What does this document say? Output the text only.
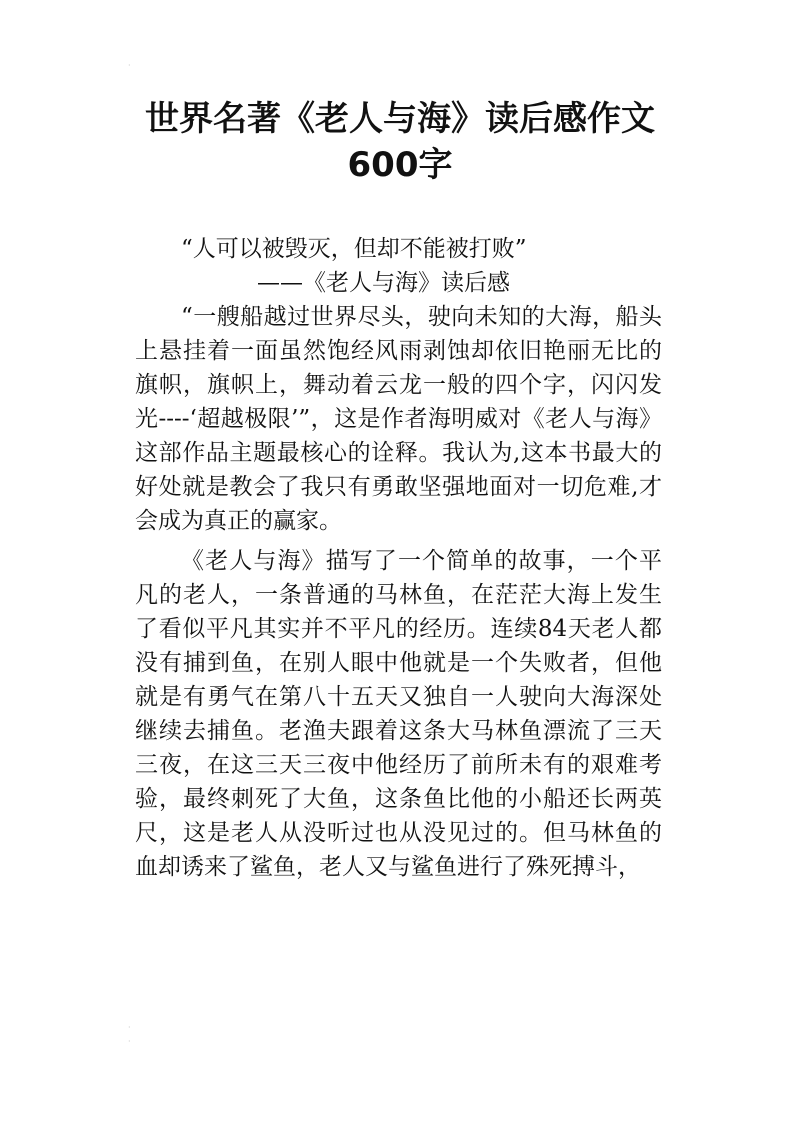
·
·
·
世界名著《老人与海》读后感作文600字

“人可以被毁灭，但却不能被打败”

——《老人与海》读后感

“一艘船越过世界尽头，驶向未知的大海，船头上悬挂着一面虽然饱经风雨剥蚀却依旧艳丽无比的旗帜，旗帜上，舞动着云龙一般的四个字，闪闪发光----‘超越极限’”，这是作者海明威对《老人与海》这部作品主题最核心的诠释。我认为,这本书最大的好处就是教会了我只有勇敢坚强地面对一切危难,才会成为真正的赢家。

《老人与海》描写了一个简单的故事，一个平凡的老人，一条普通的马林鱼，在茫茫大海上发生了看似平凡其实并不平凡的经历。连续84天老人都没有捕到鱼，在别人眼中他就是一个失败者，但他就是有勇气在第八十五天又独自一人驶向大海深处继续去捕鱼。老渔夫跟着这条大马林鱼漂流了三天三夜，在这三天三夜中他经历了前所未有的艰难考验，最终刺死了大鱼，这条鱼比他的小船还长两英尺，这是老人从没听过也从没见过的。但马林鱼的血却诱来了鲨鱼，老人又与鲨鱼进行了殊死搏斗，
